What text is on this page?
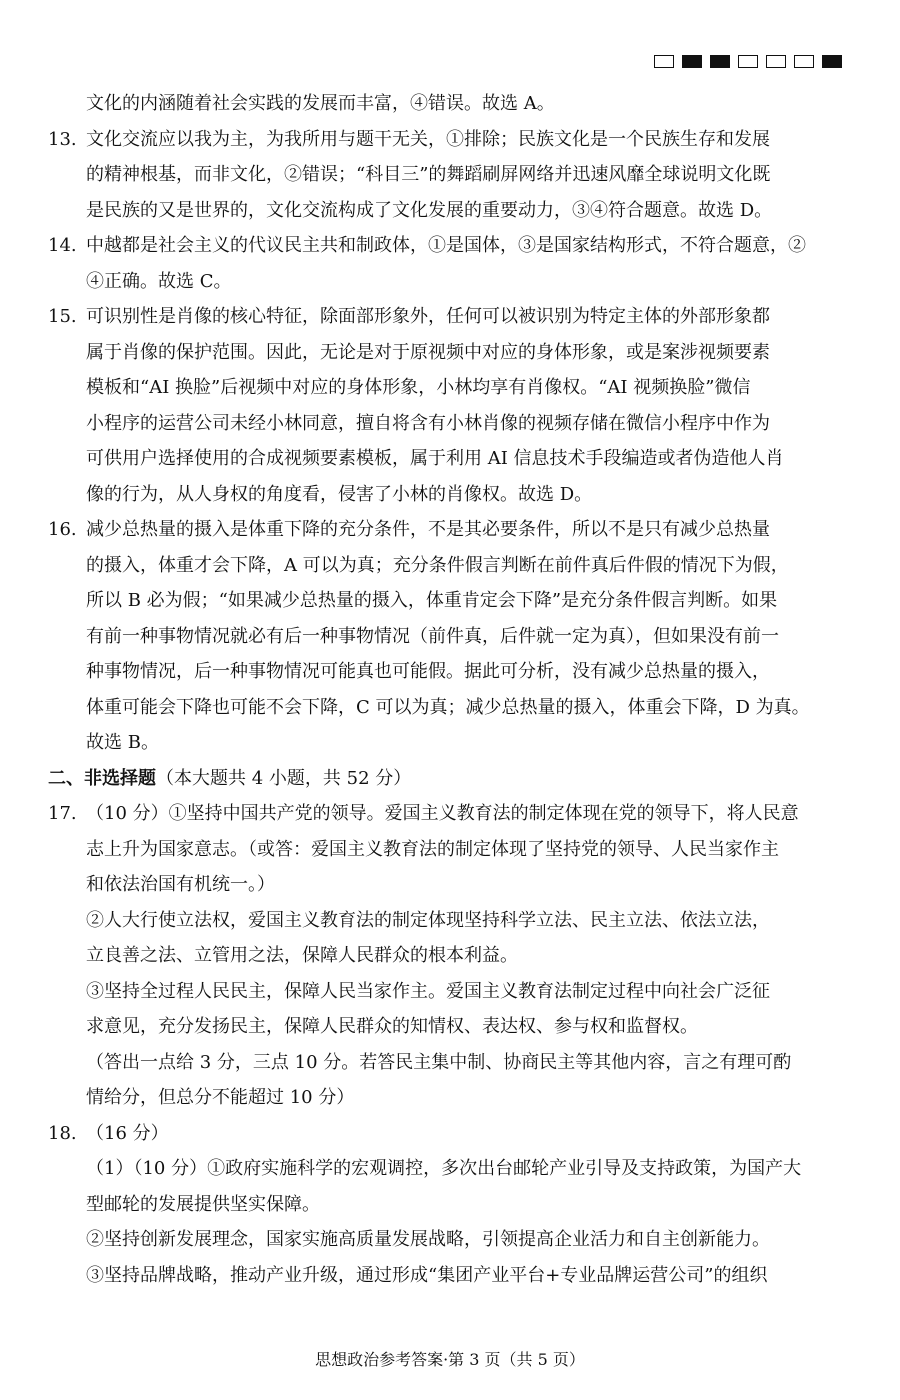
文化的内涵随着社会实践的发展而丰富，④错误。故选 A。
13. 文化交流应以我为主，为我所用与题干无关，①排除；民族文化是一个民族生存和发展
的精神根基，而非文化，②错误；“科目三”的舞蹈刷屏网络并迅速风靡全球说明文化既
是民族的又是世界的，文化交流构成了文化发展的重要动力，③④符合题意。故选 D。
14. 中越都是社会主义的代议民主共和制政体，①是国体，③是国家结构形式，不符合题意，②
④正确。故选 C。
15. 可识别性是肖像的核心特征，除面部形象外，任何可以被识别为特定主体的外部形象都
属于肖像的保护范围。因此，无论是对于原视频中对应的身体形象，或是案涉视频要素
模板和“AI 换脸”后视频中对应的身体形象，小林均享有肖像权。“AI 视频换脸”微信
小程序的运营公司未经小林同意，擅自将含有小林肖像的视频存储在微信小程序中作为
可供用户选择使用的合成视频要素模板，属于利用 AI 信息技术手段编造或者伪造他人肖
像的行为，从人身权的角度看，侵害了小林的肖像权。故选 D。
16. 减少总热量的摄入是体重下降的充分条件，不是其必要条件，所以不是只有减少总热量
的摄入，体重才会下降，A 可以为真；充分条件假言判断在前件真后件假的情况下为假，
所以 B 必为假；“如果减少总热量的摄入，体重肯定会下降”是充分条件假言判断。如果
有前一种事物情况就必有后一种事物情况（前件真，后件就一定为真），但如果没有前一
种事物情况，后一种事物情况可能真也可能假。据此可分析，没有减少总热量的摄入，
体重可能会下降也可能不会下降，C 可以为真；减少总热量的摄入，体重会下降，D 为真。
故选 B。
二、非选择题（本大题共 4 小题，共 52 分）
17. （10 分）①坚持中国共产党的领导。爱国主义教育法的制定体现在党的领导下，将人民意
志上升为国家意志。（或答：爱国主义教育法的制定体现了坚持党的领导、人民当家作主
和依法治国有机统一。）
②人大行使立法权，爱国主义教育法的制定体现坚持科学立法、民主立法、依法立法，
立良善之法、立管用之法，保障人民群众的根本利益。
③坚持全过程人民民主，保障人民当家作主。爱国主义教育法制定过程中向社会广泛征
求意见，充分发扬民主，保障人民群众的知情权、表达权、参与权和监督权。
（答出一点给 3 分，三点 10 分。若答民主集中制、协商民主等其他内容，言之有理可酌
情给分，但总分不能超过 10 分）
18. （16 分）
（1）（10 分）①政府实施科学的宏观调控，多次出台邮轮产业引导及支持政策，为国产大
型邮轮的发展提供坚实保障。
②坚持创新发展理念，国家实施高质量发展战略，引领提高企业活力和自主创新能力。
③坚持品牌战略，推动产业升级，通过形成“集团产业平台+专业品牌运营公司”的组织
思想政治参考答案·第 3 页（共 5 页）
